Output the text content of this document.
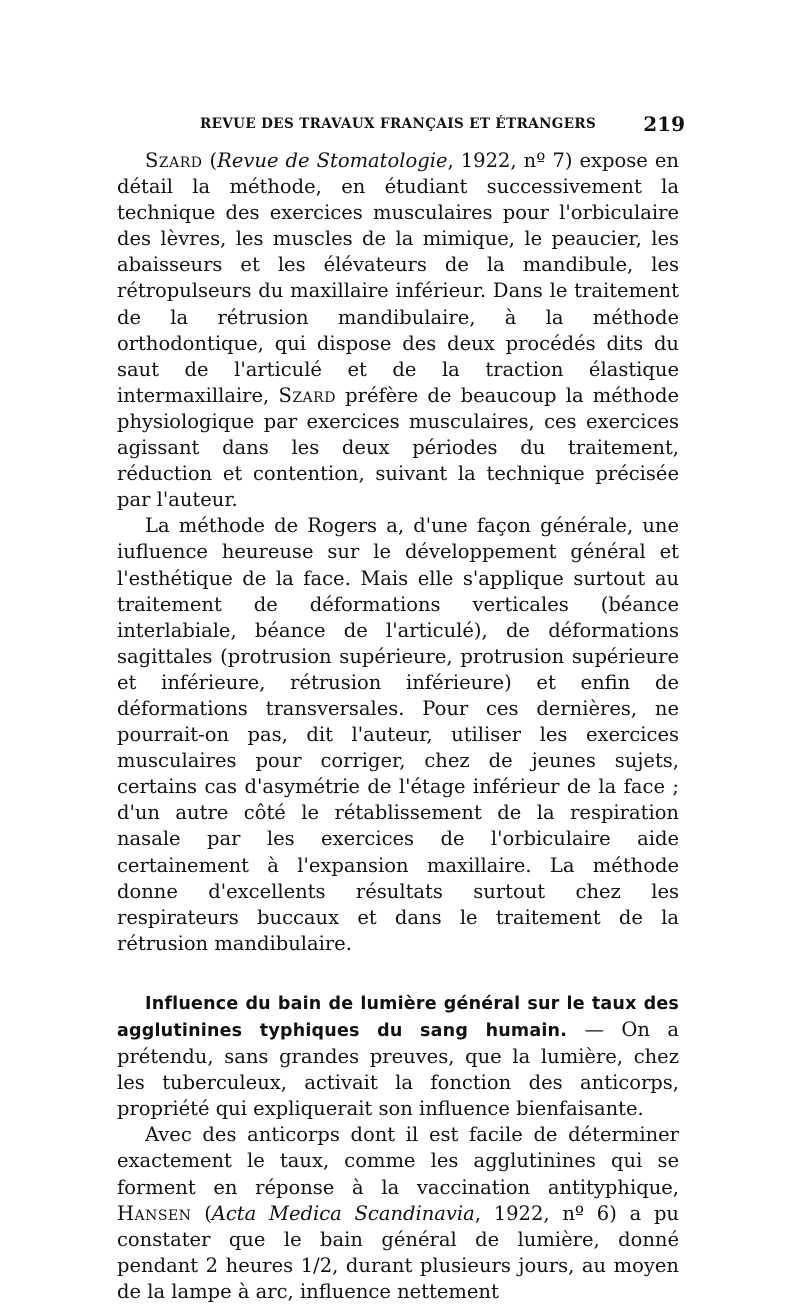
REVUE DES TRAVAUX FRANÇAIS ET ÉTRANGERS 219

Szard (Revue de Stomatologie, 1922, nº 7) expose en détail la méthode, en étudiant successivement la technique des exercices musculaires pour l'orbiculaire des lèvres, les muscles de la mimique, le peaucier, les abaisseurs et les élévateurs de la mandibule, les rétropulseurs du maxillaire inférieur. Dans le traitement de la rétrusion mandibulaire, à la méthode orthodontique, qui dispose des deux procédés dits du saut de l'articulé et de la traction élastique intermaxillaire, Szard préfère de beaucoup la méthode physiologique par exercices musculaires, ces exercices agissant dans les deux périodes du traitement, réduction et contention, suivant la technique précisée par l'auteur.

La méthode de Rogers a, d'une façon générale, une iufluence heureuse sur le développement général et l'esthétique de la face. Mais elle s'applique surtout au traitement de déformations verticales (béance interlabiale, béance de l'articulé), de déformations sagittales (protrusion supérieure, protrusion supérieure et inférieure, rétrusion inférieure) et enfin de déformations transversales. Pour ces dernières, ne pourrait-on pas, dit l'auteur, utiliser les exercices musculaires pour corriger, chez de jeunes sujets, certains cas d'asymétrie de l'étage inférieur de la face ; d'un autre côté le rétablissement de la respiration nasale par les exercices de l'orbiculaire aide certainement à l'expansion maxillaire. La méthode donne d'excellents résultats surtout chez les respirateurs buccaux et dans le traitement de la rétrusion mandibulaire.

Influence du bain de lumière général sur le taux des agglutinines typhiques du sang humain. — On a prétendu, sans grandes preuves, que la lumière, chez les tuberculeux, activait la fonction des anticorps, propriété qui expliquerait son influence bienfaisante.

Avec des anticorps dont il est facile de déterminer exactement le taux, comme les agglutinines qui se forment en réponse à la vaccination antityphique, Hansen (Acta Medica Scandinavia, 1922, nº 6) a pu constater que le bain général de lumière, donné pendant 2 heures 1/2, durant plusieurs jours, au moyen de la lampe à arc, influence nettement
